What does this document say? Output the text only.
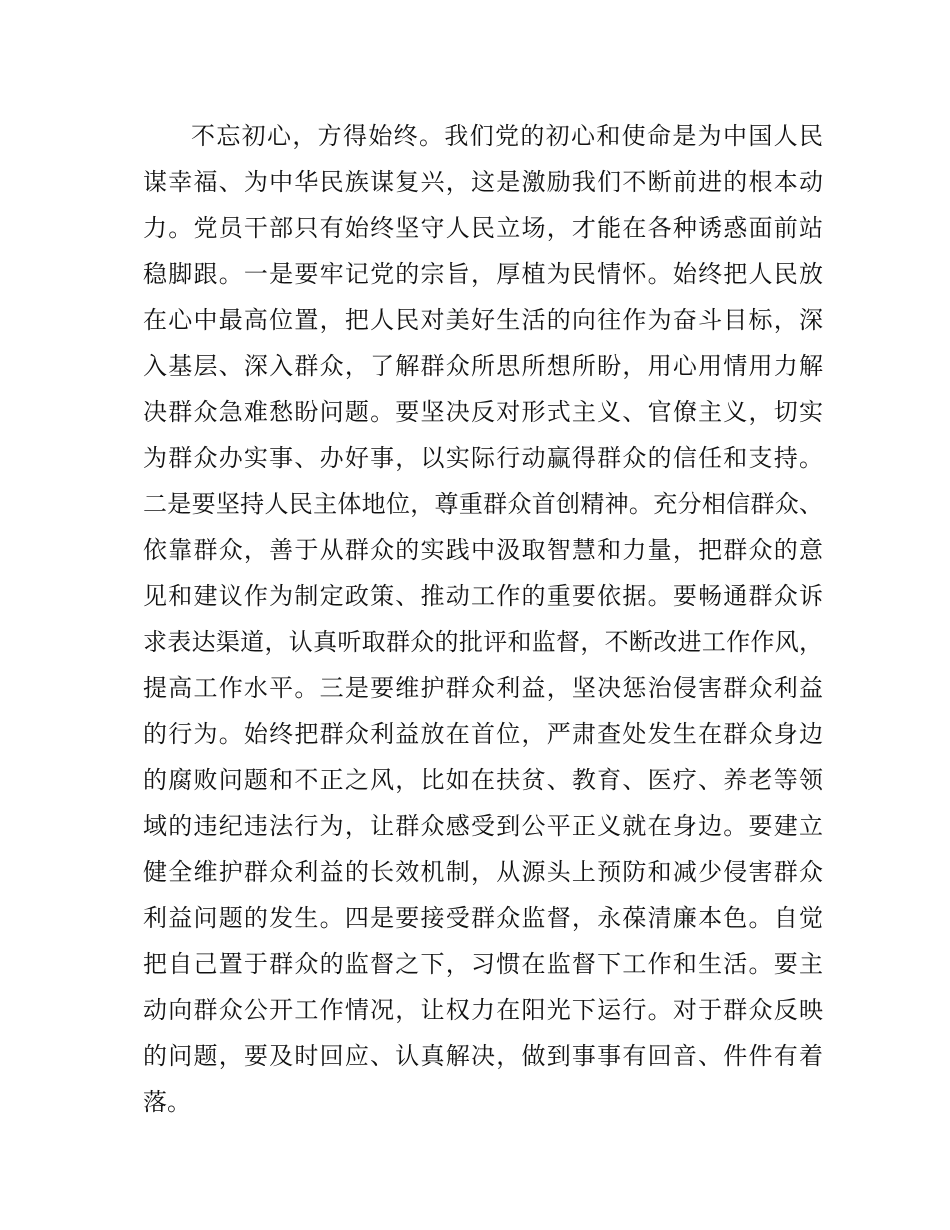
不忘初心，方得始终。我们党的初心和使命是为中国人民
谋幸福、为中华民族谋复兴，这是激励我们不断前进的根本动
力。党员干部只有始终坚守人民立场，才能在各种诱惑面前站
稳脚跟。一是要牢记党的宗旨，厚植为民情怀。始终把人民放
在心中最高位置，把人民对美好生活的向往作为奋斗目标，深
入基层、深入群众，了解群众所思所想所盼，用心用情用力解
决群众急难愁盼问题。要坚决反对形式主义、官僚主义，切实
为群众办实事、办好事，以实际行动赢得群众的信任和支持。
二是要坚持人民主体地位，尊重群众首创精神。充分相信群众、
依靠群众，善于从群众的实践中汲取智慧和力量，把群众的意
见和建议作为制定政策、推动工作的重要依据。要畅通群众诉
求表达渠道，认真听取群众的批评和监督，不断改进工作作风，
提高工作水平。三是要维护群众利益，坚决惩治侵害群众利益
的行为。始终把群众利益放在首位，严肃查处发生在群众身边
的腐败问题和不正之风，比如在扶贫、教育、医疗、养老等领
域的违纪违法行为，让群众感受到公平正义就在身边。要建立
健全维护群众利益的长效机制，从源头上预防和减少侵害群众
利益问题的发生。四是要接受群众监督，永葆清廉本色。自觉
把自己置于群众的监督之下，习惯在监督下工作和生活。要主
动向群众公开工作情况，让权力在阳光下运行。对于群众反映
的问题，要及时回应、认真解决，做到事事有回音、件件有着
落。
